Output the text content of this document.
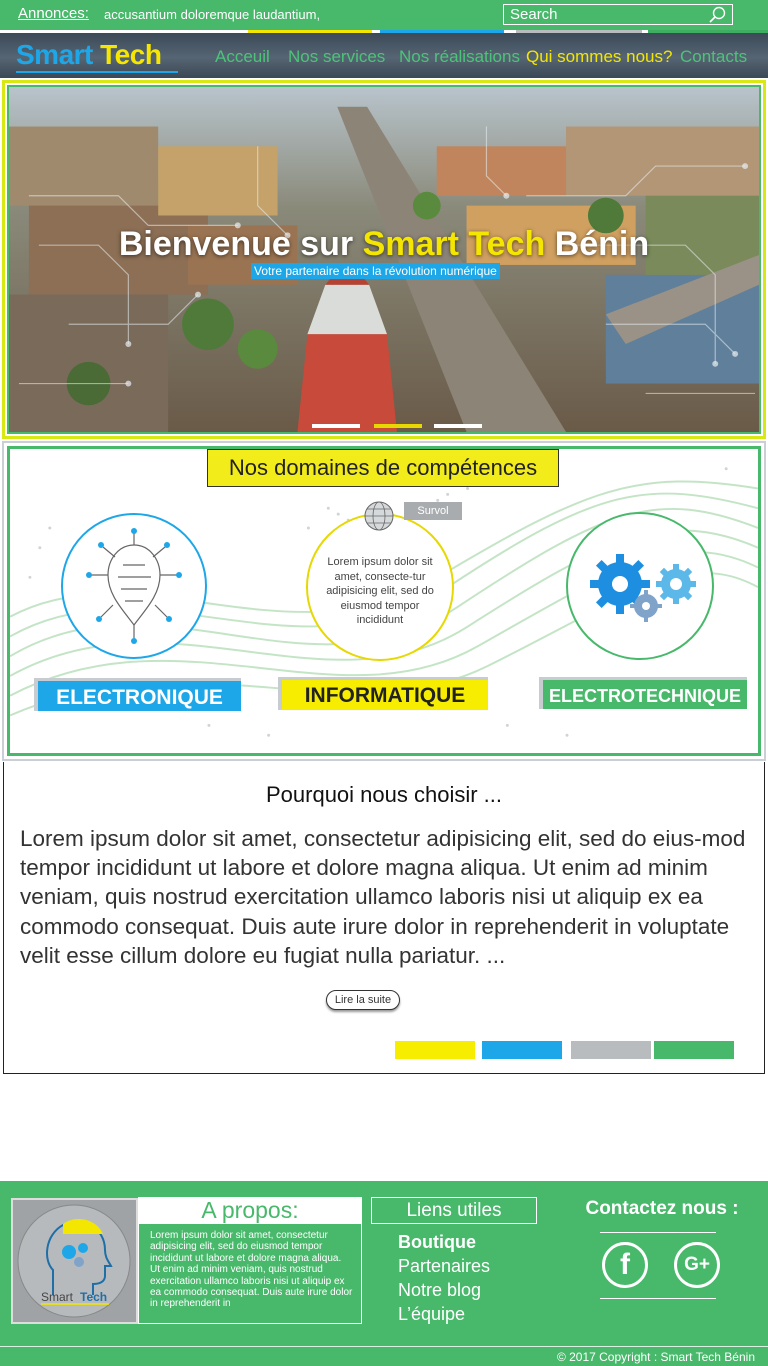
Annonces: accusantium doloremque laudantium,
Search
Smart Tech	Acceuil Nos services Nos réalisations Qui sommes nous? Contacts
Bienvenue sur Smart Tech Bénin
Votre partenaire dans la révolution numérique
Nos domaines de compétences
Lorem ipsum dolor sit amet, consecte-tur adipisicing elit, sed do eiusmod tempor incididunt
Survol
ELECTRONIQUE	INFORMATIQUE	ELECTROTECHNIQUE
Pourquoi nous choisir ...
Lorem ipsum dolor sit amet, consectetur adipisicing elit, sed do eius-mod tempor incididunt ut labore et dolore magna aliqua. Ut enim ad minim veniam, quis nostrud exercitation ullamco laboris nisi ut aliquip ex ea commodo consequat. Duis aute irure dolor in reprehenderit in voluptate velit esse cillum dolore eu fugiat nulla pariatur. ...
Lire la suite
Smart Tech
A propos:
Lorem ipsum dolor sit amet, consectetur adipisicing elit, sed do eiusmod tempor incididunt ut labore et dolore magna aliqua. Ut enim ad minim veniam, quis nostrud exercitation ullamco laboris nisi ut aliquip ex ea commodo consequat. Duis aute irure dolor in reprehenderit in
Liens utiles
Boutique
Partenaires
Notre blog
L’équipe
Contactez nous :
f	G+
© 2017 Copyright : Smart Tech Bénin
